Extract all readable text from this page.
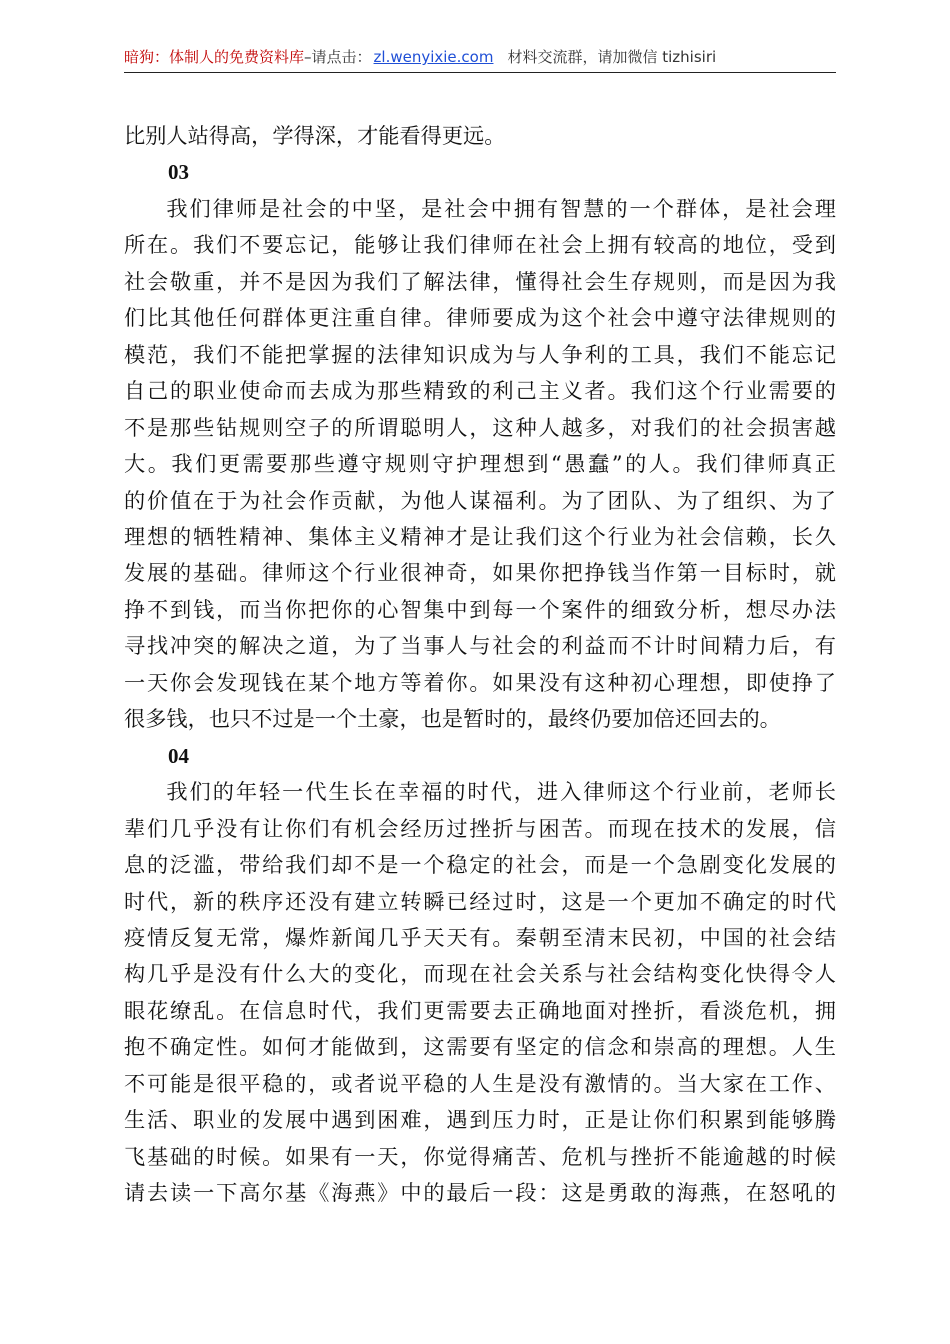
暗狗：体制人的免费资料库–请点击： zl.wenyixie.com 材料交流群，请加微信 tizhisiri

比别人站得高，学得深，才能看得更远。

03

我们律师是社会的中坚，是社会中拥有智慧的一个群体，是社会理

所在。我们不要忘记，能够让我们律师在社会上拥有较高的地位，受到

社会敬重，并不是因为我们了解法律，懂得社会生存规则，而是因为我

们比其他任何群体更注重自律。律师要成为这个社会中遵守法律规则的

模范，我们不能把掌握的法律知识成为与人争利的工具，我们不能忘记

自己的职业使命而去成为那些精致的利己主义者。我们这个行业需要的

不是那些钻规则空子的所谓聪明人，这种人越多，对我们的社会损害越

大。我们更需要那些遵守规则守护理想到“愚蠢”的人。我们律师真正

的价值在于为社会作贡献，为他人谋福利。为了团队、为了组织、为了

理想的牺牲精神、集体主义精神才是让我们这个行业为社会信赖，长久

发展的基础。律师这个行业很神奇，如果你把挣钱当作第一目标时，就

挣不到钱，而当你把你的心智集中到每一个案件的细致分析，想尽办法

寻找冲突的解决之道，为了当事人与社会的利益而不计时间精力后，有

一天你会发现钱在某个地方等着你。如果没有这种初心理想，即使挣了

很多钱，也只不过是一个土豪，也是暂时的，最终仍要加倍还回去的。

04

我们的年轻一代生长在幸福的时代，进入律师这个行业前，老师长

辈们几乎没有让你们有机会经历过挫折与困苦。而现在技术的发展，信

息的泛滥，带给我们却不是一个稳定的社会，而是一个急剧变化发展的

时代，新的秩序还没有建立转瞬已经过时，这是一个更加不确定的时代

疫情反复无常，爆炸新闻几乎天天有。秦朝至清末民初，中国的社会结

构几乎是没有什么大的变化，而现在社会关系与社会结构变化快得令人

眼花缭乱。在信息时代，我们更需要去正确地面对挫折，看淡危机，拥

抱不确定性。如何才能做到，这需要有坚定的信念和崇高的理想。人生

不可能是很平稳的，或者说平稳的人生是没有激情的。当大家在工作、

生活、职业的发展中遇到困难，遇到压力时，正是让你们积累到能够腾

飞基础的时候。如果有一天，你觉得痛苦、危机与挫折不能逾越的时候

请去读一下高尔基《海燕》中的最后一段：这是勇敢的海燕，在怒吼的
